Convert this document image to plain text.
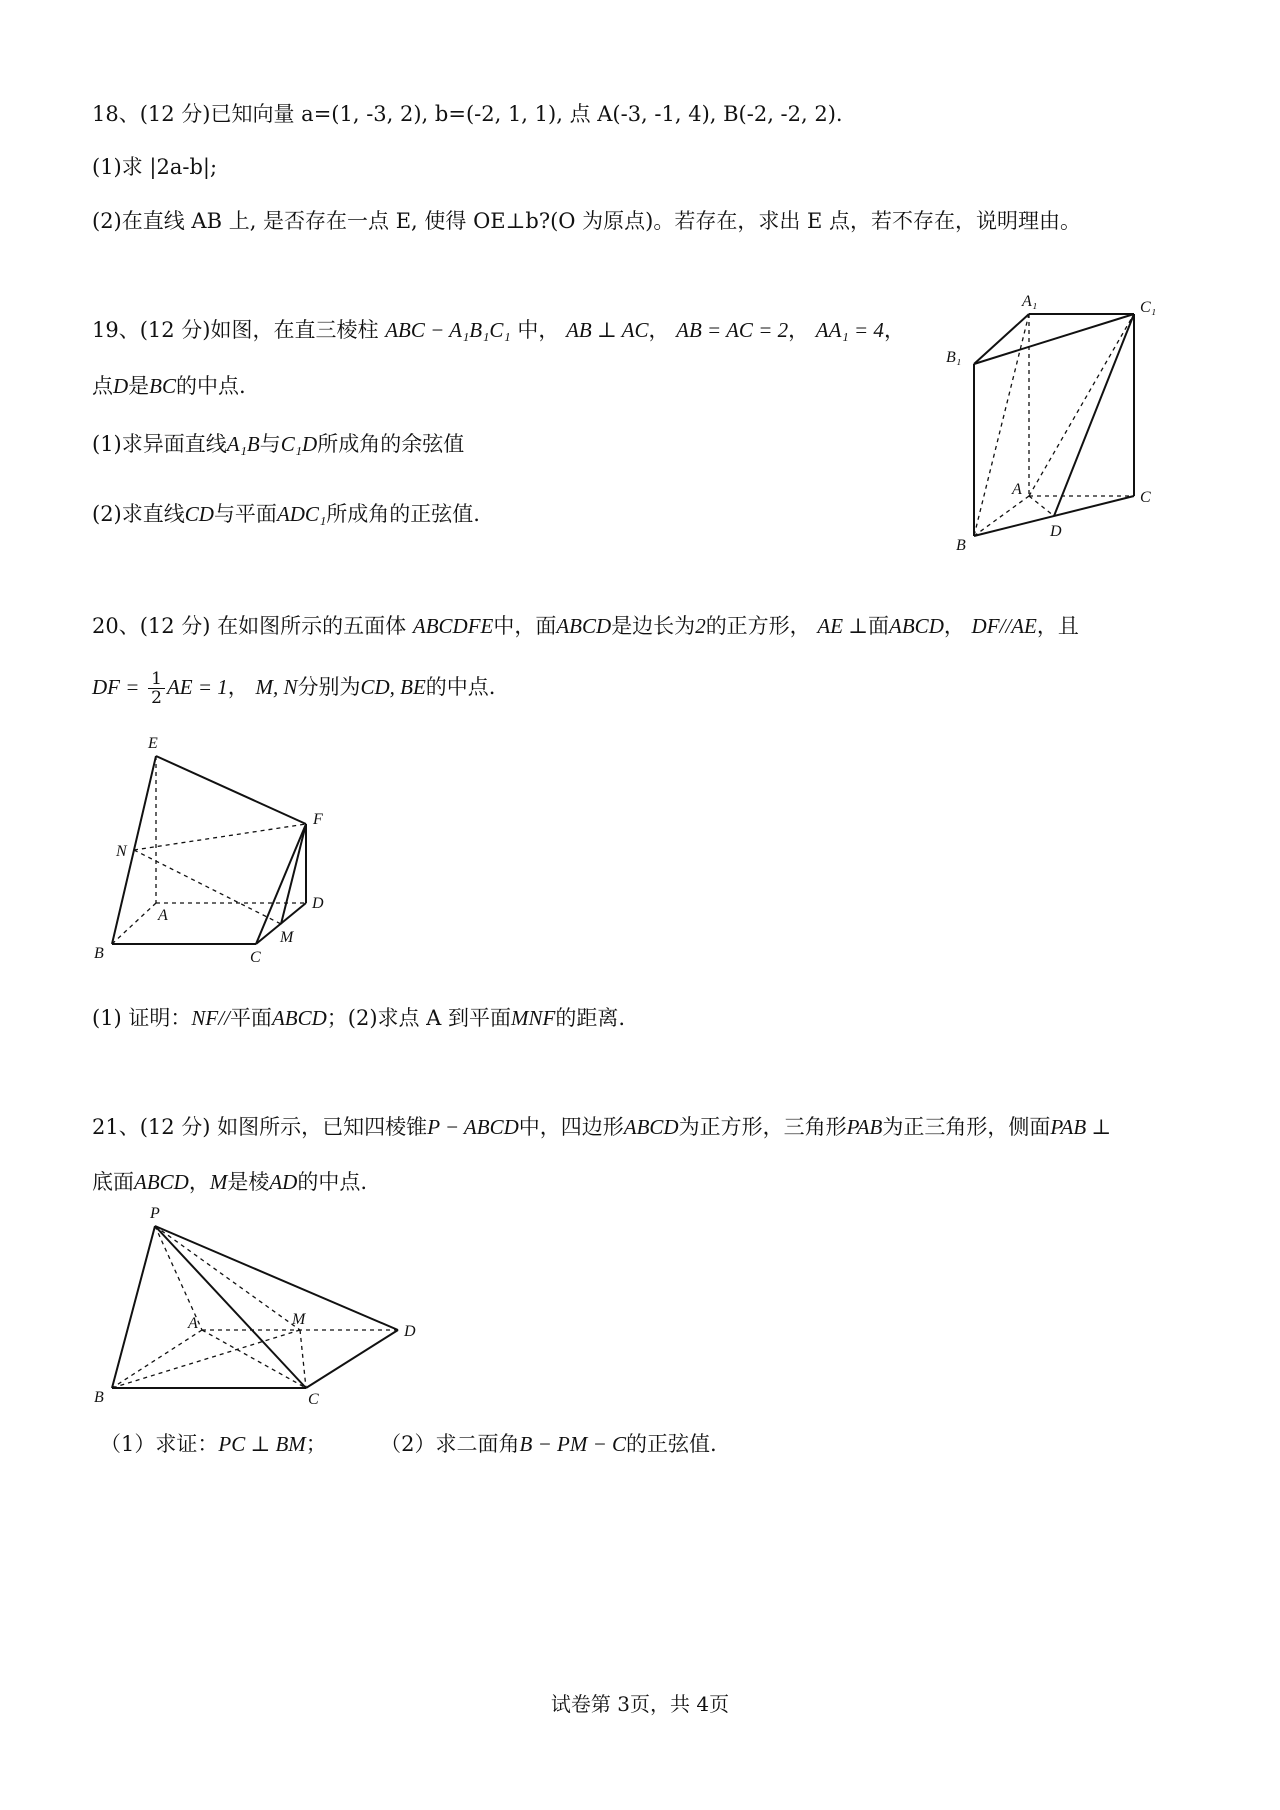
18、(12 分)已知向量 a=(1, -3, 2), b=(-2, 1, 1), 点 A(-3, -1, 4), B(-2, -2, 2).
(1)求 |2a-b|;
(2)在直线 AB 上, 是否存在一点 E, 使得 OE⊥b?(O 为原点)。若存在，求出 E 点，若不存在，说明理由。
19、(12 分)如图，在直三棱柱 ABC − A₁B₁C₁ 中， AB ⊥ AC， AB = AC = 2， AA₁ = 4，
点D是BC的中点.
(1)求异面直线A₁B与C₁D所成角的余弦值
(2)求直线CD与平面ADC₁所成角的正弦值.
A₁	C₁
B₁
A	C
B
D
20、(12 分) 在如图所示的五面体 ABCDFE中，面ABCD是边长为2的正方形， AE ⊥面ABCD， DF//AE，且
DF = $\frac{1}{2}$ AE = 1， M, N分别为CD, BE的中点.
E
F
N
A
D
M
B	C
(1) 证明：NF//平面ABCD；(2)求点 A 到平面MNF的距离.
21、(12 分) 如图所示，已知四棱锥P − ABCD中，四边形ABCD为正方形，三角形PAB为正三角形，侧面PAB ⊥
底面ABCD，M是棱AD的中点.
P
A	M
D
B	C
（1）求证：PC ⊥ BM；	（2）求二面角B − PM − C的正弦值.
试卷第 3页，共 4页
